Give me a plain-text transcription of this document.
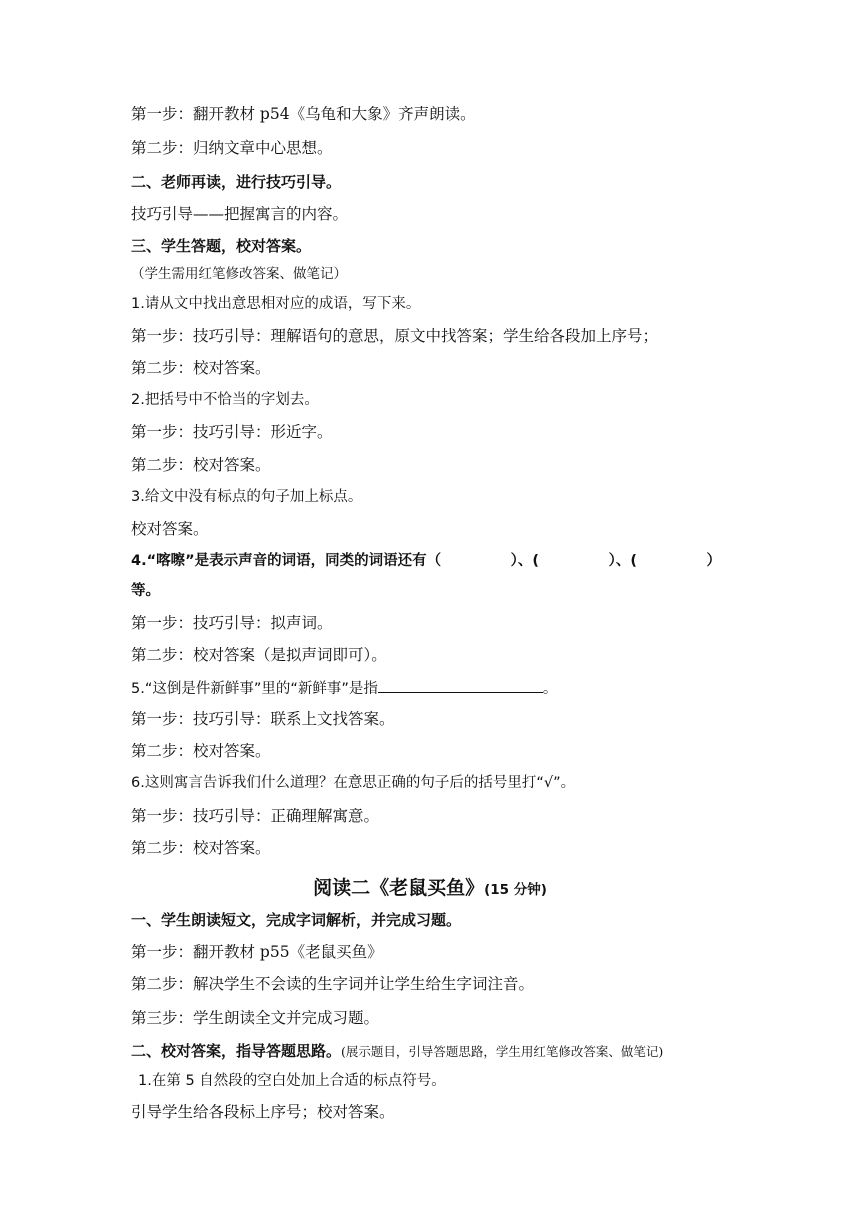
第一步：翻开教材 p54《乌龟和大象》齐声朗读。
第二步：归纳文章中心思想。
二、老师再读，进行技巧引导。
技巧引导——把握寓言的内容。
三、学生答题，校对答案。
（学生需用红笔修改答案、做笔记）
1.请从文中找出意思相对应的成语，写下来。
第一步：技巧引导：理解语句的意思，原文中找答案；学生给各段加上序号；
第二步：校对答案。
2.把括号中不恰当的字划去。
第一步：技巧引导：形近字。
第二步：校对答案。
3.给文中没有标点的句子加上标点。
校对答案。
4.“喀嚓”是表示声音的词语，同类的词语还有（	）、(	）、(	）
等。
第一步：技巧引导：拟声词。
第二步：校对答案（是拟声词即可）。
5.“这倒是件新鲜事”里的“新鲜事”是指	。
第一步：技巧引导：联系上文找答案。
第二步：校对答案。
6.这则寓言告诉我们什么道理？在意思正确的句子后的括号里打“√”。
第一步：技巧引导：正确理解寓意。
第二步：校对答案。
阅读二《老鼠买鱼》(15 分钟)
一、学生朗读短文，完成字词解析，并完成习题。
第一步：翻开教材 p55《老鼠买鱼》
第二步：解决学生不会读的生字词并让学生给生字词注音。
第三步：学生朗读全文并完成习题。
二、校对答案，指导答题思路。(展示题目，引导答题思路，学生用红笔修改答案、做笔记)
1.在第 5 自然段的空白处加上合适的标点符号。
引导学生给各段标上序号；校对答案。
